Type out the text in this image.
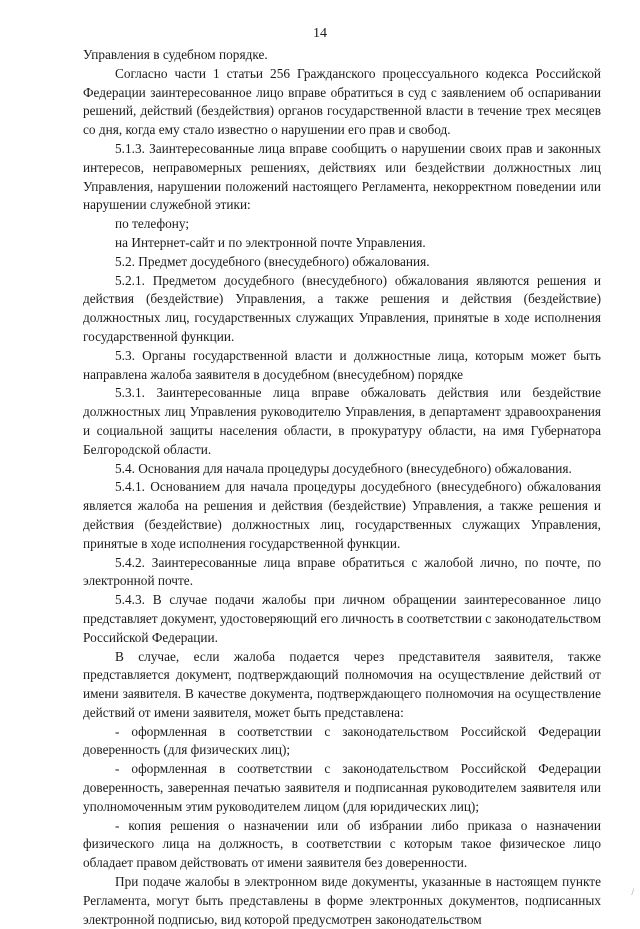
14

Управления в судебном порядке.

Согласно части 1 статьи 256 Гражданского процессуального кодекса Российской Федерации заинтересованное лицо вправе обратиться в суд с заявлением об оспаривании решений, действий (бездействия) органов государственной власти в течение трех месяцев со дня, когда ему стало известно о нарушении его прав и свобод.

5.1.3. Заинтересованные лица вправе сообщить о нарушении своих прав и законных интересов, неправомерных решениях, действиях или бездействии должностных лиц Управления, нарушении положений настоящего Регламента, некорректном поведении или нарушении служебной этики:

по телефону;

на Интернет-сайт и по электронной почте Управления.

5.2. Предмет досудебного (внесудебного) обжалования.

5.2.1. Предметом досудебного (внесудебного) обжалования являются решения и действия (бездействие) Управления, а также решения и действия (бездействие) должностных лиц, государственных служащих Управления, принятые в ходе исполнения государственной функции.

5.3. Органы государственной власти и должностные лица, которым может быть направлена жалоба заявителя в досудебном (внесудебном) порядке

5.3.1. Заинтересованные лица вправе обжаловать действия или бездействие должностных лиц Управления руководителю Управления, в департамент здравоохранения и социальной защиты населения области, в прокуратуру области, на имя Губернатора Белгородской области.

5.4. Основания для начала процедуры досудебного (внесудебного) обжалования.

5.4.1. Основанием для начала процедуры досудебного (внесудебного) обжалования является жалоба на решения и действия (бездействие) Управления, а также решения и действия (бездействие) должностных лиц, государственных служащих Управления, принятые в ходе исполнения государственной функции.

5.4.2. Заинтересованные лица вправе обратиться с жалобой лично, по почте, по электронной почте.

5.4.3. В случае подачи жалобы при личном обращении заинтересованное лицо представляет документ, удостоверяющий его личность в соответствии с законодательством Российской Федерации.

В случае, если жалоба подается через представителя заявителя, также представляется документ, подтверждающий полномочия на осуществление действий от имени заявителя. В качестве документа, подтверждающего полномочия на осуществление действий от имени заявителя, может быть представлена:

- оформленная в соответствии с законодательством Российской Федерации доверенность (для физических лиц);

- оформленная в соответствии с законодательством Российской Федерации доверенность, заверенная печатью заявителя и подписанная руководителем заявителя или уполномоченным этим руководителем лицом (для юридических лиц);

- копия решения о назначении или об избрании либо приказа о назначении физического лица на должность, в соответствии с которым такое физическое лицо обладает правом действовать от имени заявителя без доверенности.

При подаче жалобы в электронном виде документы, указанные в настоящем пункте Регламента, могут быть представлены в форме электронных документов, подписанных электронной подписью, вид которой предусмотрен законодательством

/
